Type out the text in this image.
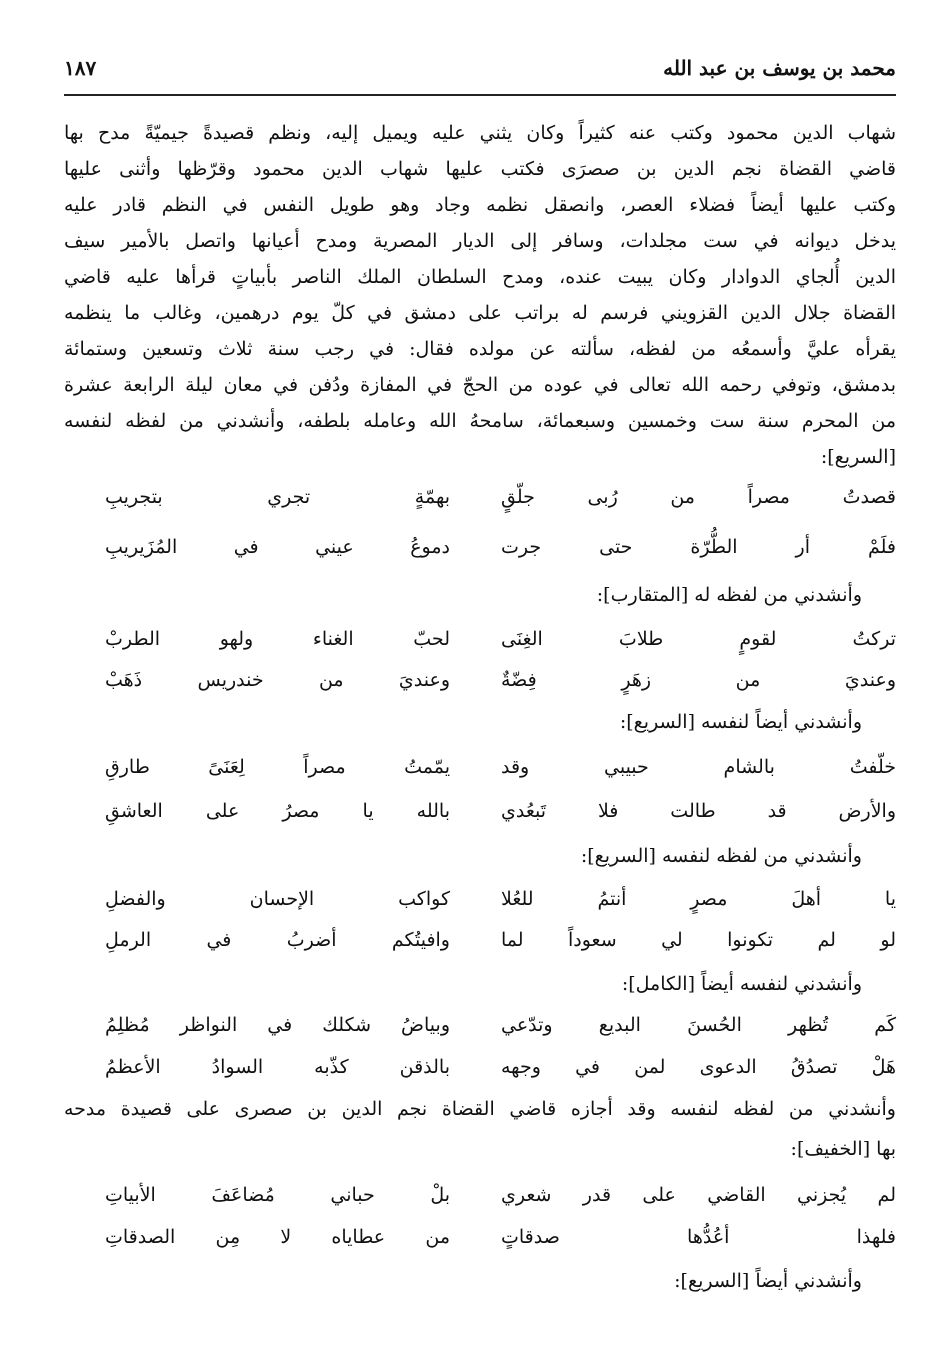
محمد بن يوسف بن عبد الله
١٨٧
شهاب الدين محمود وكتب عنه كثيراً وكان يثني عليه ويميل إليه، ونظم قصيدةً جيميّةً مدح بها
قاضي القضاة نجم الدين بن صصرَى فكتب عليها شهاب الدين محمود وقرّظها وأثنى عليها
وكتب عليها أيضاً فضلاء العصر، وانصقل نظمه وجاد وهو طويل النفس في النظم قادر عليه
يدخل ديوانه في ست مجلدات، وسافر إلى الديار المصرية ومدح أعيانها واتصل بالأمير سيف
الدين أُلجاي الدوادار وكان يبيت عنده، ومدح السلطان الملك الناصر بأبياتٍ قرأها عليه قاضي
القضاة جلال الدين القزويني فرسم له براتب على دمشق في كلّ يوم درهمين، وغالب ما ينظمه
يقرأه عليَّ وأسمعُه من لفظه، سألته عن مولده فقال: في رجب سنة ثلاث وتسعين وستمائة
بدمشق، وتوفي رحمه الله تعالى في عوده من الحجّ في المفازة ودُفن في معان ليلة الرابعة عشرة
من المحرم سنة ست وخمسين وسبعمائة، سامحهُ الله وعامله بلطفه، وأنشدني من لفظه لنفسه
[السريع]:
قصدتُ مصراً من رُبى جلّقٍ
بهمّةٍ تجري بتجريبِ
فلَمْ أر الطُّرّة حتى جرت
دموعُ عيني في المُزَيريبِ
وأنشدني من لفظه له [المتقارب]:
تركتُ لقومٍ طلابَ الغِنَى
لحبّ الغناء ولهو الطربْ
وعنديَ من زهَرٍ فِضّةٌ
وعنديَ من خندريس ذَهَبْ
وأنشدني أيضاً لنفسه [السريع]:
خلّفتُ بالشام حبيبي وقد
يمّمتُ مصراً لِعَنَىً طارقِ
والأرض قد طالت فلا تَبعُدي
بالله يا مصرُ على العاشقِ
وأنشدني من لفظه لنفسه [السريع]:
يا أهلَ مصرٍ أنتمُ للعُلا
كواكب الإحسان والفضلِ
لو لم تكونوا لي سعوداً لما
وافيتُكم أضربُ في الرملِ
وأنشدني لنفسه أيضاً [الكامل]:
كَم تُظهر الحُسنَ البديع وتدّعي
وبياضُ شكلك في النواظر مُظلِمُ
هَلْ تصدُقُ الدعوى لمن في وجهه
بالذقن كذّبه السوادُ الأعظمُ
وأنشدني من لفظه لنفسه وقد أجازه قاضي القضاة نجم الدين بن صصرى على قصيدة مدحه
بها [الخفيف]:
لم يُجزني القاضي على قدر شعري
بلْ حباني مُضاعَفَ الأبياتِ
فلهذا أعُدُّها صدقاتٍ
من عطاياه لا مِن الصدقاتِ
وأنشدني أيضاً [السريع]:
